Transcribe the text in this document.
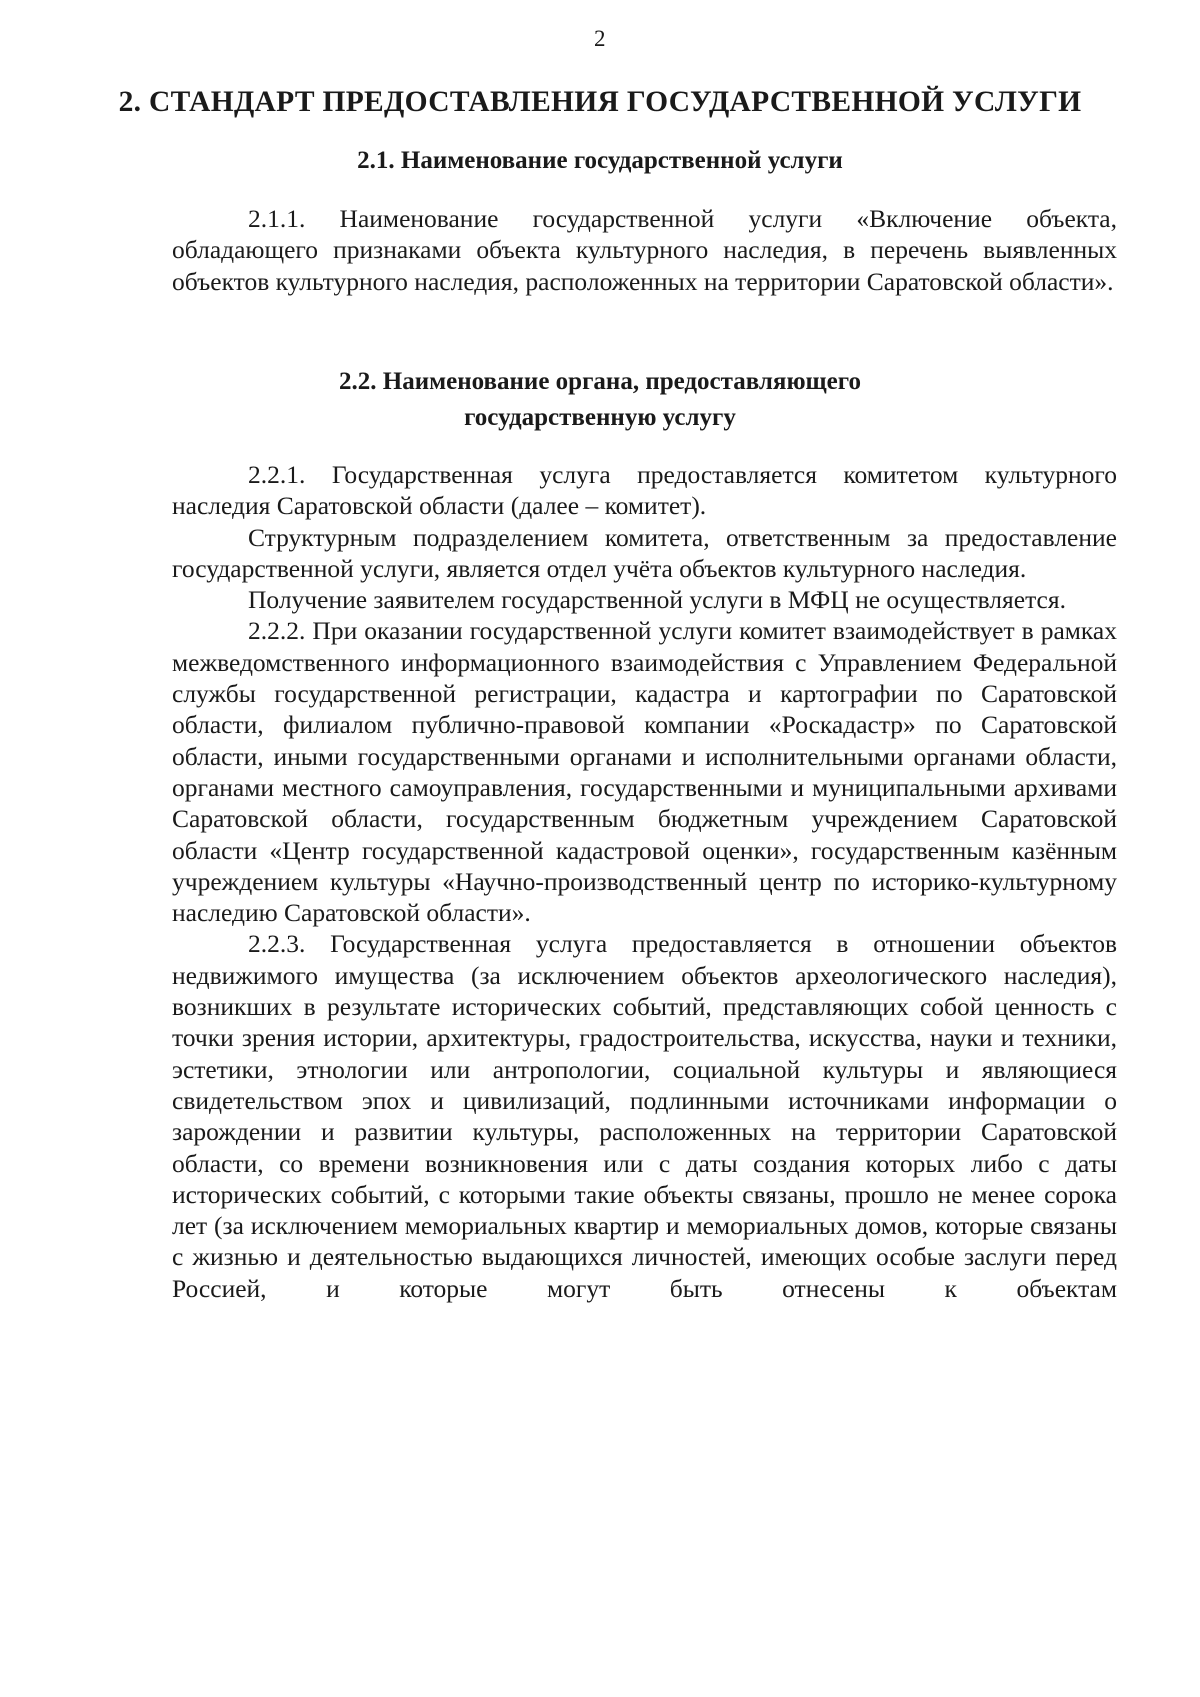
2
2. СТАНДАРТ ПРЕДОСТАВЛЕНИЯ ГОСУДАРСТВЕННОЙ УСЛУГИ
2.1. Наименование государственной услуги

2.1.1. Наименование государственной услуги «Включение объекта, обладающего признаками объекта культурного наследия, в перечень выявленных объектов культурного наследия, расположенных на территории Саратовской области».

2.2. Наименование органа, предоставляющего
государственную услугу

2.2.1. Государственная услуга предоставляется комитетом культурного наследия Саратовской области (далее – комитет).

Структурным подразделением комитета, ответственным за предоставление государственной услуги, является отдел учёта объектов культурного наследия.

Получение заявителем государственной услуги в МФЦ не осуществляется.

2.2.2. При оказании государственной услуги комитет взаимодействует в рамках межведомственного информационного взаимодействия с Управлением Федеральной службы государственной регистрации, кадастра и картографии по Саратовской области, филиалом публично-правовой компании «Роскадастр» по Саратовской области, иными государственными органами и исполнительными органами области, органами местного самоуправления, государственными и муниципальными архивами Саратовской области, государственным бюджетным учреждением Саратовской области «Центр государственной кадастровой оценки», государственным казённым учреждением культуры «Научно-производственный центр по историко-культурному наследию Саратовской области».

2.2.3. Государственная услуга предоставляется в отношении объектов недвижимого имущества (за исключением объектов археологического наследия), возникших в результате исторических событий, представляющих собой ценность с точки зрения истории, архитектуры, градостроительства, искусства, науки и техники, эстетики, этнологии или антропологии, социальной культуры и являющиеся свидетельством эпох и цивилизаций, подлинными источниками информации о зарождении и развитии культуры, расположенных на территории Саратовской области, со времени возникновения или с даты создания которых либо с даты исторических событий, с которыми такие объекты связаны, прошло не менее сорока лет (за исключением мемориальных квартир и мемориальных домов, которые связаны с жизнью и деятельностью выдающихся личностей, имеющих особые заслуги перед Россией, и которые могут быть отнесены к объектам
